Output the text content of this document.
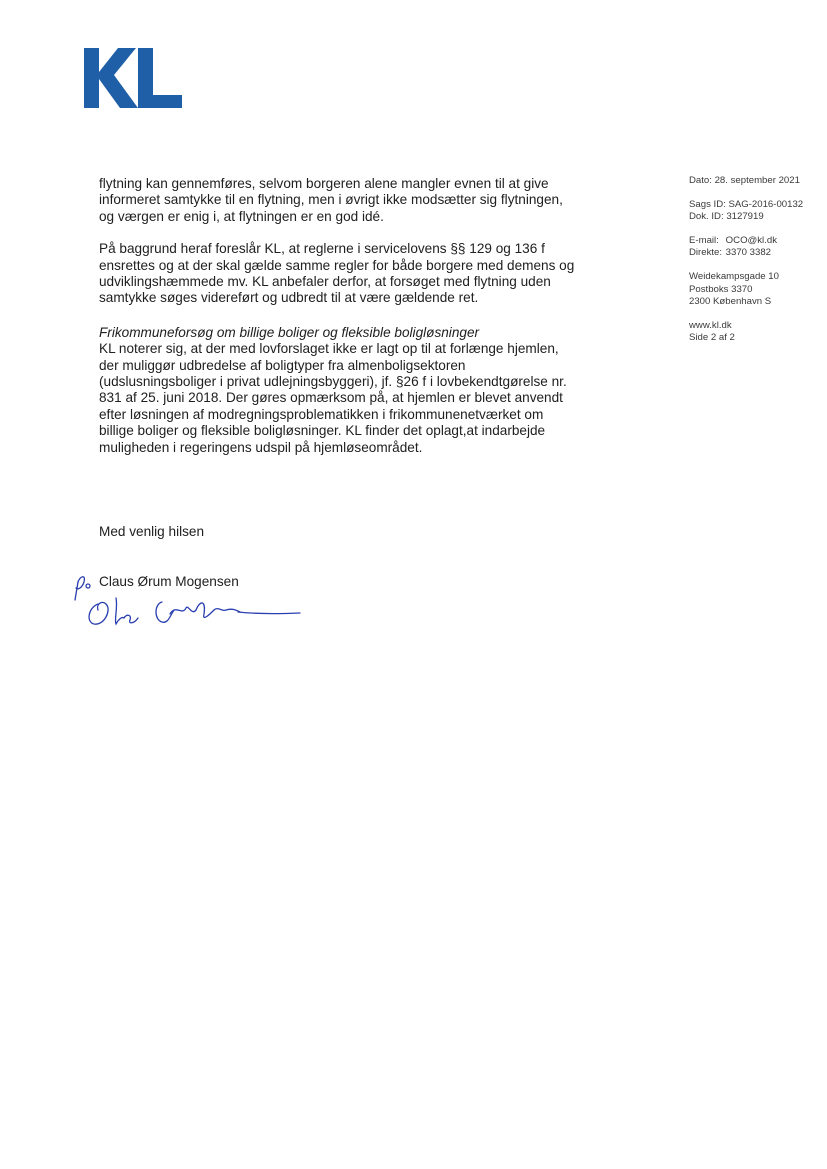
flytning kan gennemføres, selvom borgeren alene mangler evnen til at give informeret samtykke til en flytning, men i øvrigt ikke modsætter sig flytningen, og værgen er enig i, at flytningen er en god idé.

På baggrund heraf foreslår KL, at reglerne i servicelovens §§ 129 og 136 f ensrettes og at der skal gælde samme regler for både borgere med demens og udviklingshæmmede mv. KL anbefaler derfor, at forsøget med flytning uden samtykke søges videreført og udbredt til at være gældende ret.

Frikommuneforsøg om billige boliger og fleksible boligløsninger

KL noterer sig, at der med lovforslaget ikke er lagt op til at forlænge hjemlen, der muliggør udbredelse af boligtyper fra almenboligsektoren (udslusningsboliger i privat udlejningsbyggeri), jf. §26 f i lovbekendtgørelse nr. 831 af 25. juni 2018. Der gøres opmærksom på, at hjemlen er blevet anvendt efter løsningen af modregningsproblematikken i frikommunenetværket om billige boliger og fleksible boligløsninger. KL finder det oplagt,at indarbejde muligheden i regeringens udspil på hjemløseområdet.

Med venlig hilsen
Claus Ørum Mogensen
Dato: 28. september 2021
Sags ID: SAG-2016-00132
Dok. ID: 3127919
E-mail: OCO@kl.dk
Direkte: 3370 3382
Weidekampsgade 10
Postboks 3370
2300 København S
www.kl.dk
Side 2 af 2
